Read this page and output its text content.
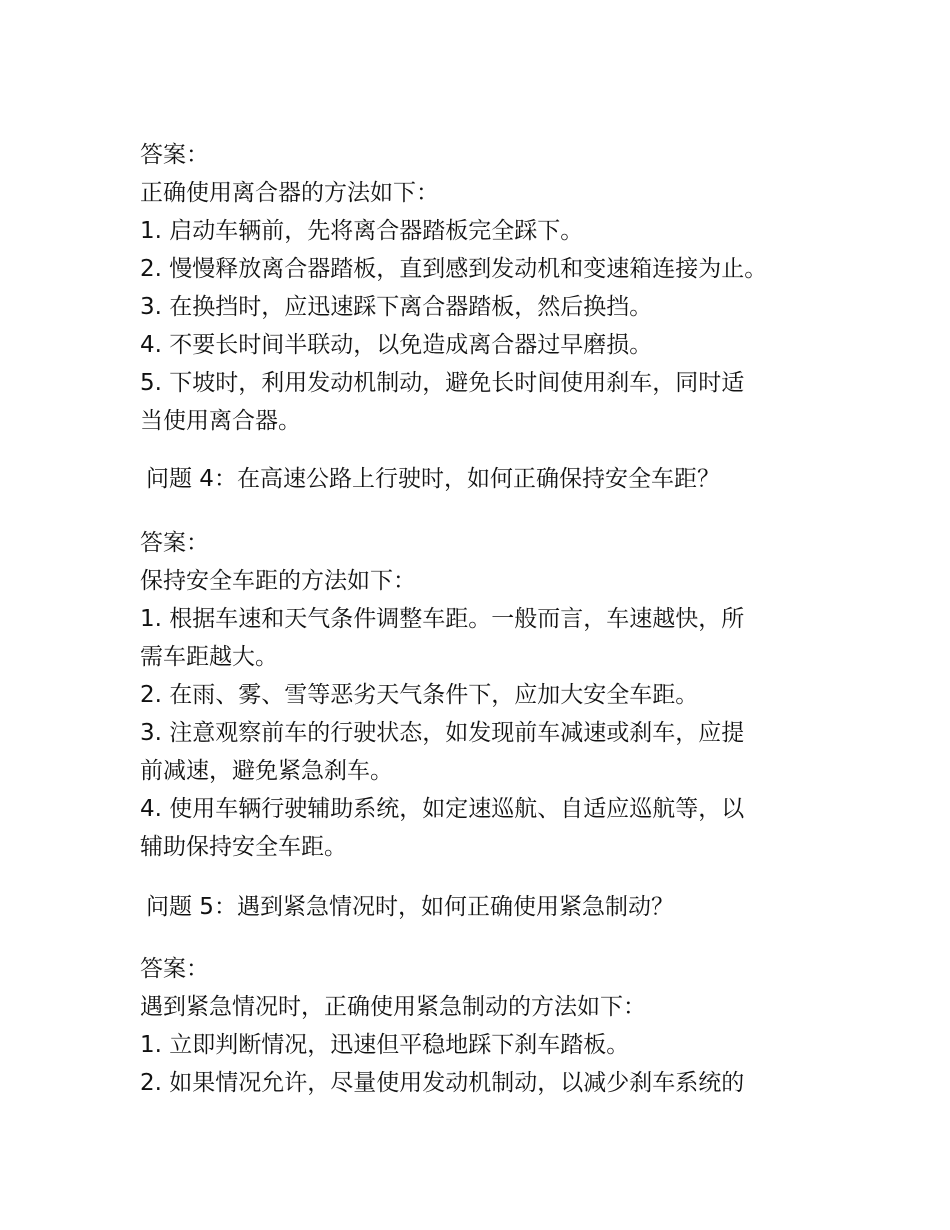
答案：
正确使用离合器的方法如下：
1. 启动车辆前，先将离合器踏板完全踩下。
2. 慢慢释放离合器踏板，直到感到发动机和变速箱连接为止。
3. 在换挡时，应迅速踩下离合器踏板，然后换挡。
4. 不要长时间半联动，以免造成离合器过早磨损。
5. 下坡时，利用发动机制动，避免长时间使用刹车，同时适
当使用离合器。
问题 4：在高速公路上行驶时，如何正确保持安全车距？
答案：
保持安全车距的方法如下：
1. 根据车速和天气条件调整车距。一般而言，车速越快，所
需车距越大。
2. 在雨、雾、雪等恶劣天气条件下，应加大安全车距。
3. 注意观察前车的行驶状态，如发现前车减速或刹车，应提
前减速，避免紧急刹车。
4. 使用车辆行驶辅助系统，如定速巡航、自适应巡航等，以
辅助保持安全车距。
问题 5：遇到紧急情况时，如何正确使用紧急制动？
答案：
遇到紧急情况时，正确使用紧急制动的方法如下：
1. 立即判断情况，迅速但平稳地踩下刹车踏板。
2. 如果情况允许，尽量使用发动机制动，以减少刹车系统的
